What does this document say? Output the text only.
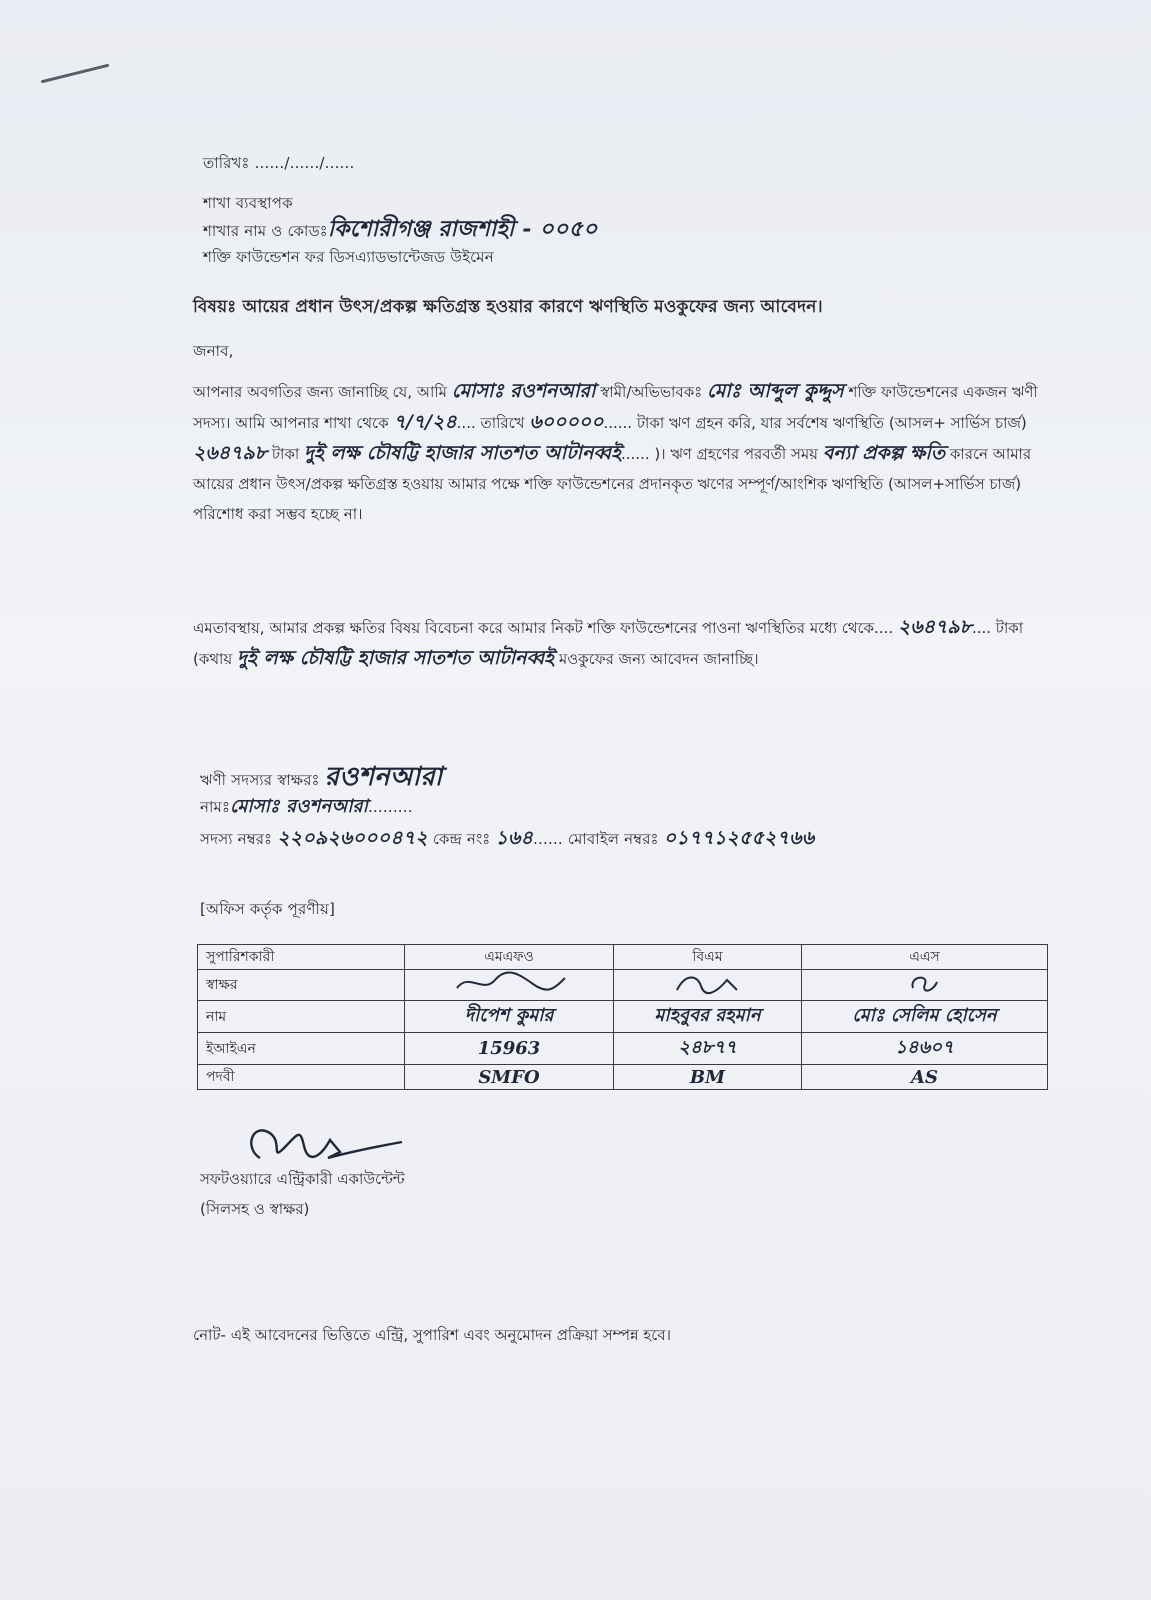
তারিখঃ ....../....../......
শাখা ব্যবস্থাপক
শাখার নাম ও কোডঃকিশোরীগঞ্জ রাজশাহী - ০০৫০
শক্তি ফাউন্ডেশন ফর ডিসএ্যাডভান্টেজড উইমেন
বিষয়ঃ আয়ের প্রধান উৎস/প্রকল্প ক্ষতিগ্রস্ত হওয়ার কারণে ঋণস্থিতি মওকুফের জন্য আবেদন।
জনাব,
আপনার অবগতির জন্য জানাচ্ছি যে, আমি মোসাঃ রওশনআরা স্বামী/অভিভাবকঃ মোঃ আব্দুল কুদ্দুস শক্তি ফাউন্ডেশনের একজন ঋণী সদস্য। আমি আপনার শাখা থেকে ৭/৭/২৪.... তারিখে ৬০০০০০...... টাকা ঋণ গ্রহন করি, যার সর্বশেষ ঋণস্থিতি (আসল+ সার্ভিস চার্জ) ২৬৪৭৯৮ টাকা দুই লক্ষ চৌষট্টি হাজার সাতশত আটানব্বই...... )। ঋণ গ্রহণের পরবর্তী সময় বন্যা প্রকল্প ক্ষতি কারনে আমার আয়ের প্রধান উৎস/প্রকল্প ক্ষতিগ্রস্ত হওয়ায় আমার পক্ষে শক্তি ফাউন্ডেশনের প্রদানকৃত ঋণের সম্পূর্ণ/আংশিক ঋণস্থিতি (আসল+সার্ভিস চার্জ) পরিশোধ করা সম্ভব হচ্ছে না।
এমতাবস্থায়, আমার প্রকল্প ক্ষতির বিষয় বিবেচনা করে আমার নিকট শক্তি ফাউন্ডেশনের পাওনা ঋণস্থিতির মধ্যে থেকে.... ২৬৪৭৯৮.... টাকা (কথায় দুই লক্ষ চৌষট্টি হাজার সাতশত আটানব্বই মওকুফের জন্য আবেদন জানাচ্ছি।
ঋণী সদস্যর স্বাক্ষরঃ রওশনআরা
নামঃমোসাঃ রওশনআরা.........
সদস্য নম্বরঃ ২২০৯২৬০০০৪৭২ কেন্দ্র নংঃ ১৬৪...... মোবাইল নম্বরঃ ০১৭৭১২৫৫২৭৬৬
[অফিস কর্তৃক পূরণীয়]
সুপারিশকারী	এমএফও	বিএম	এএস
স্বাক্ষর			
নাম	দীপেশ কুমার	মাহবুবর রহমান	মোঃ সেলিম হোসেন
ইআইএন	15963	২৪৮৭৭	১৪৬০৭
পদবী	SMFO	BM	AS
সফটওয়্যারে এন্ট্রিকারী একাউন্টেন্ট
(সিলসহ ও স্বাক্ষর)
নোট- এই আবেদনের ভিত্তিতে এন্ট্রি, সুপারিশ এবং অনুমোদন প্রক্রিয়া সম্পন্ন হবে।
